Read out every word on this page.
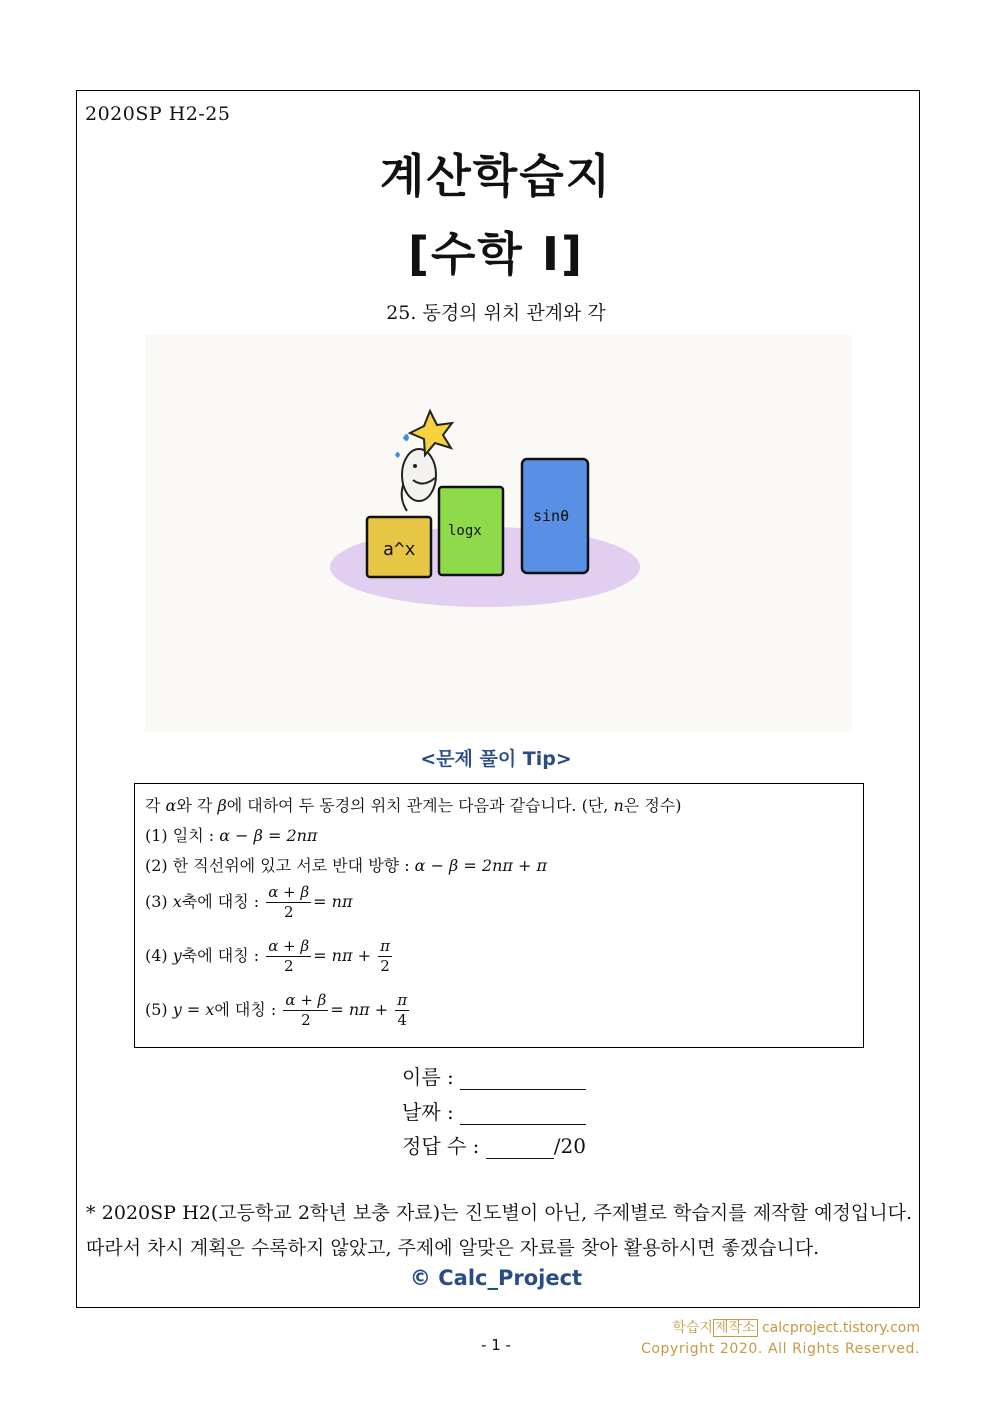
2020SP H2-25
계산학습지
[수학 I]
25. 동경의 위치 관계와 각
a^x
logx
sinθ
<문제 풀이 Tip>
각 α와 각 β에 대하여 두 동경의 위치 관계는 다음과 같습니다. (단, n은 정수)
(1) 일치 : α − β = 2nπ
(2) 한 직선위에 있고 서로 반대 방향 : α − β = 2nπ + π
(3) x축에 대칭 : $\frac{\alpha + \beta}{2} = n\pi$
(4) y축에 대칭 : $\frac{\alpha + \beta}{2} = n\pi + \frac{\pi}{2}$
(5) y = x에 대칭 : $\frac{\alpha + \beta}{2} = n\pi + \frac{\pi}{4}$
이름 :
날짜 :
정답 수 :	/20
* 2020SP H2(고등학교 2학년 보충 자료)는 진도별이 아닌, 주제별로 학습지를 제작할 예정입니다. 따라서 차시 계획은 수록하지 않았고, 주제에 알맞은 자료를 찾아 활용하시면 좋겠습니다.
© Calc_Project
- 1 -
학습지 제작소 calcproject.tistory.com
Copyright 2020. All Rights Reserved.
